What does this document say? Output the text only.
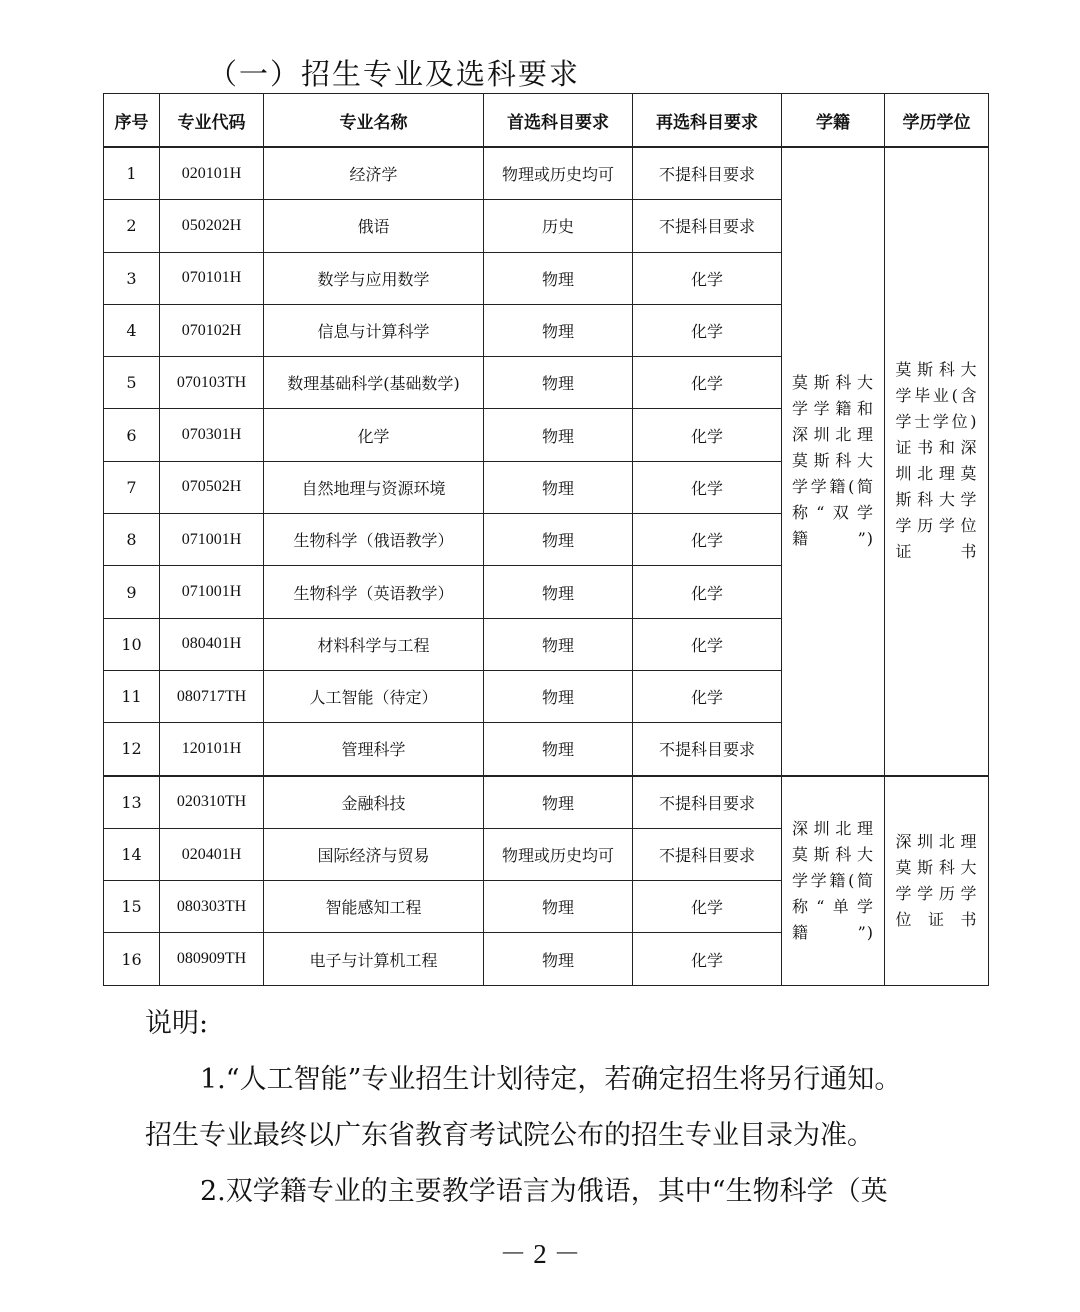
（一）招生专业及选科要求
序号	专业代码	专业名称	首选科目要求	再选科目要求	学籍	学历学位
1	020101H	经济学	物理或历史均可	不提科目要求	莫斯科大学学籍和深圳北理莫斯科大学学籍(简称“双学籍”)	莫斯科大学毕业(含学士学位)证书和深圳北理莫斯科大学学历学位证书
2	050202H	俄语	历史	不提科目要求		
3	070101H	数学与应用数学	物理	化学		
4	070102H	信息与计算科学	物理	化学		
5	070103TH	数理基础科学(基础数学)	物理	化学		
6	070301H	化学	物理	化学		
7	070502H	自然地理与资源环境	物理	化学		
8	071001H	生物科学（俄语教学）	物理	化学		
9	071001H	生物科学（英语教学）	物理	化学		
10	080401H	材料科学与工程	物理	化学		
11	080717TH	人工智能（待定）	物理	化学		
12	120101H	管理科学	物理	不提科目要求		
13	020310TH	金融科技	物理	不提科目要求	深圳北理莫斯科大学学籍(简称“单学籍”)	深圳北理莫斯科大学学历学位证书
14	020401H	国际经济与贸易	物理或历史均可	不提科目要求		
15	080303TH	智能感知工程	物理	化学		
16	080909TH	电子与计算机工程	物理	化学		

说明:

1.“人工智能”专业招生计划待定，若确定招生将另行通知。

招生专业最终以广东省教育考试院公布的招生专业目录为准。

2.双学籍专业的主要教学语言为俄语，其中“生物科学（英

－ 2 －
